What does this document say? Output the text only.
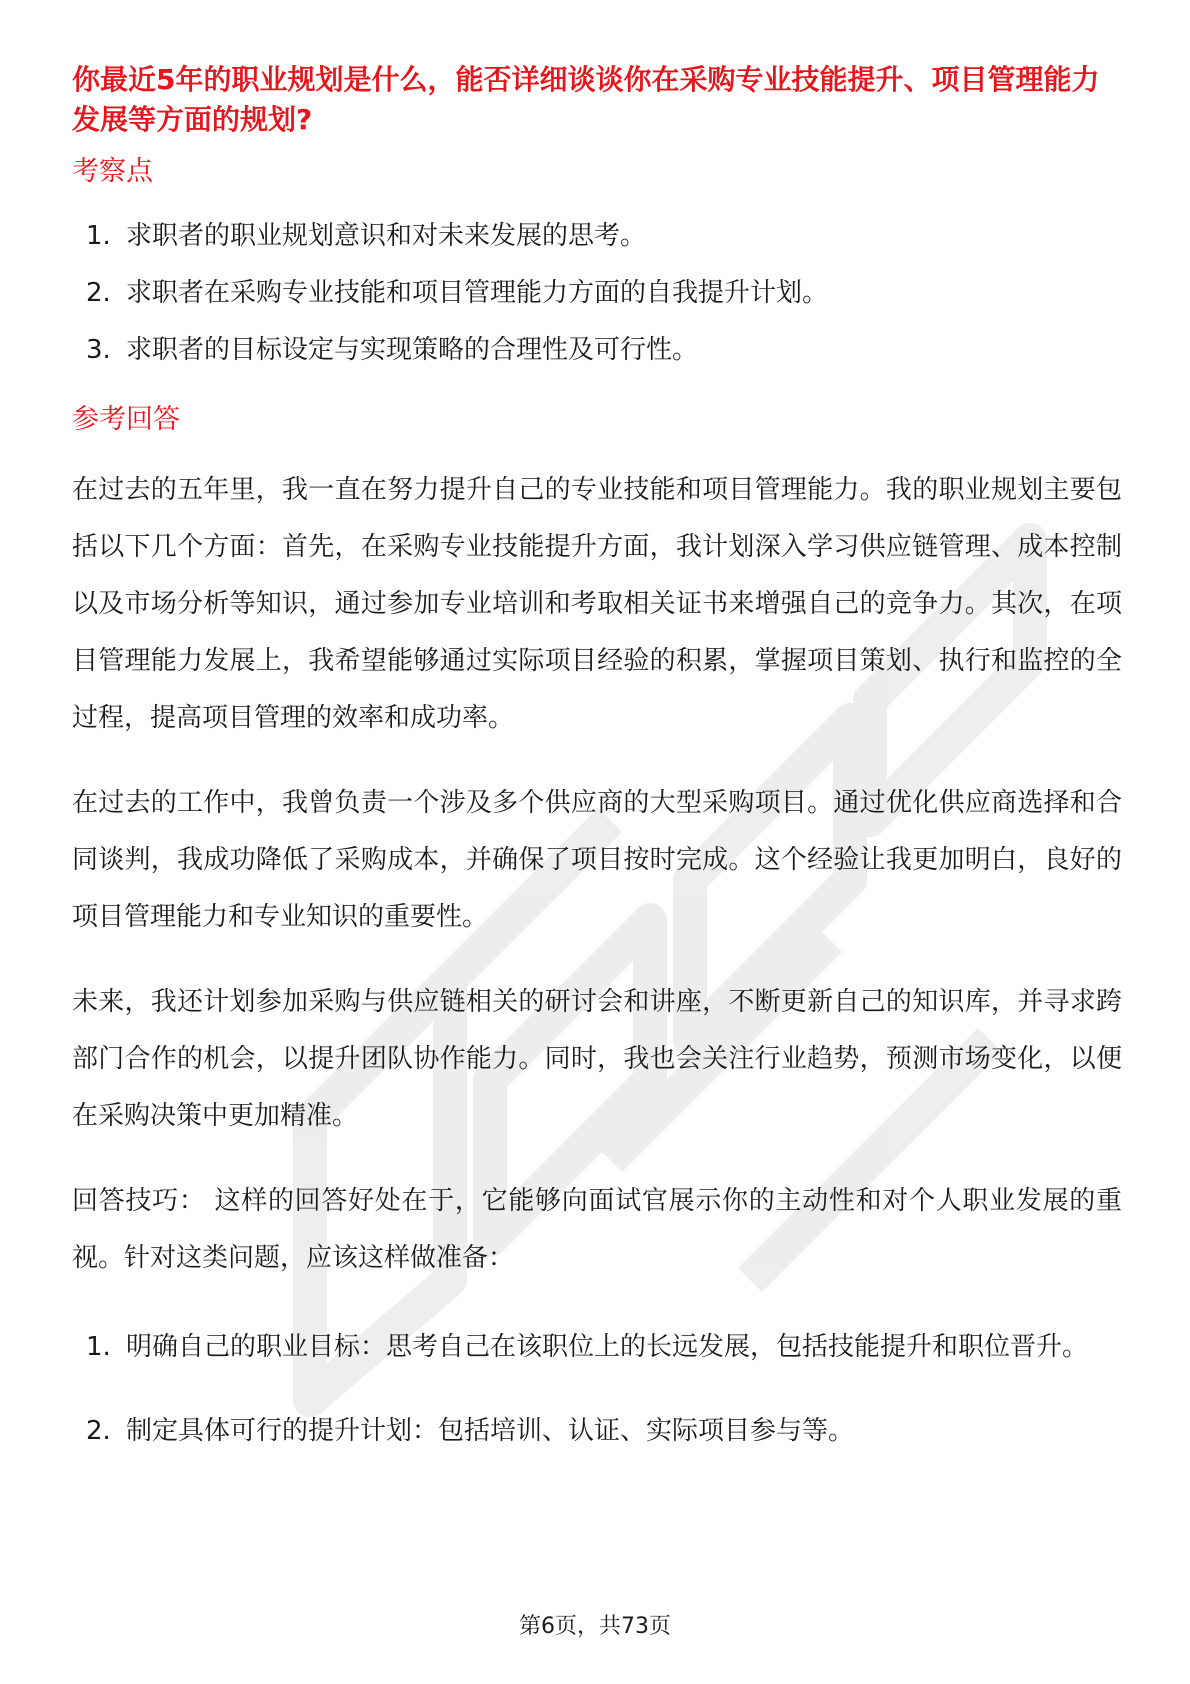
你最近5年的职业规划是什么，能否详细谈谈你在采购专业技能提升、项目管理能力发展等方面的规划?

考察点

1. 求职者的职业规划意识和对未来发展的思考。
2. 求职者在采购专业技能和项目管理能力方面的自我提升计划。
3. 求职者的目标设定与实现策略的合理性及可行性。

参考回答

在过去的五年里，我一直在努力提升自己的专业技能和项目管理能力。我的职业规划主要包括以下几个方面：首先，在采购专业技能提升方面，我计划深入学习供应链管理、成本控制以及市场分析等知识，通过参加专业培训和考取相关证书来增强自己的竞争力。其次，在项目管理能力发展上，我希望能够通过实际项目经验的积累，掌握项目策划、执行和监控的全过程，提高项目管理的效率和成功率。

在过去的工作中，我曾负责一个涉及多个供应商的大型采购项目。通过优化供应商选择和合同谈判，我成功降低了采购成本，并确保了项目按时完成。这个经验让我更加明白，良好的项目管理能力和专业知识的重要性。

未来，我还计划参加采购与供应链相关的研讨会和讲座，不断更新自己的知识库，并寻求跨部门合作的机会，以提升团队协作能力。同时，我也会关注行业趋势，预测市场变化，以便在采购决策中更加精准。

回答技巧： 这样的回答好处在于，它能够向面试官展示你的主动性和对个人职业发展的重视。针对这类问题，应该这样做准备：

1. 明确自己的职业目标：思考自己在该职位上的长远发展，包括技能提升和职位晋升。
2. 制定具体可行的提升计划：包括培训、认证、实际项目参与等。
第6页，共73页
